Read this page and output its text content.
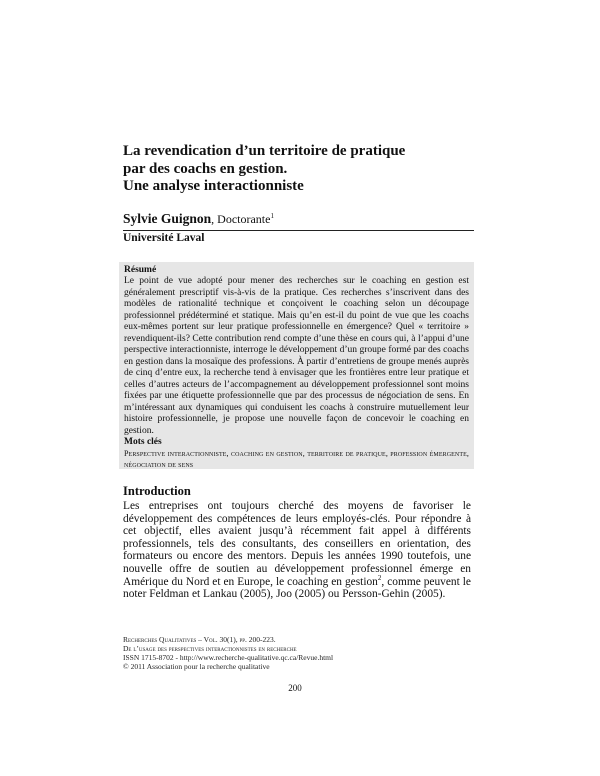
La revendication d’un territoire de pratique
par des coachs en gestion.
Une analyse interactionniste
Sylvie Guignon, Doctorante$^1$
Université Laval
Résumé

Le point de vue adopté pour mener des recherches sur le coaching en gestion est généralement prescriptif vis-à-vis de la pratique. Ces recherches s’inscrivent dans des modèles de rationalité technique et conçoivent le coaching selon un découpage professionnel prédéterminé et statique. Mais qu’en est-il du point de vue que les coachs eux-mêmes portent sur leur pratique professionnelle en émergence? Quel « territoire » revendiquent-ils? Cette contribution rend compte d’une thèse en cours qui, à l’appui d’une perspective interactionniste, interroge le développement d’un groupe formé par des coachs en gestion dans la mosaïque des professions. À partir d’entretiens de groupe menés auprès de cinq d’entre eux, la recherche tend à envisager que les frontières entre leur pratique et celles d’autres acteurs de l’accompagnement au développement professionnel sont moins fixées par une étiquette professionnelle que par des processus de négociation de sens. En m’intéressant aux dynamiques qui conduisent les coachs à construire mutuellement leur histoire professionnelle, je propose une nouvelle façon de concevoir le coaching en gestion.

Mots clés
Perspective interactionniste, coaching en gestion, territoire de pratique, profession émergente, négociation de sens
Introduction

Les entreprises ont toujours cherché des moyens de favoriser le développement des compétences de leurs employés-clés. Pour répondre à cet objectif, elles avaient jusqu’à récemment fait appel à différents professionnels, tels des consultants, des conseillers en orientation, des formateurs ou encore des mentors. Depuis les années 1990 toutefois, une nouvelle offre de soutien au développement professionnel émerge en Amérique du Nord et en Europe, le coaching en gestion$^2$, comme peuvent le noter Feldman et Lankau (2005), Joo (2005) ou Persson-Gehin (2005).

Recherches Qualitatives – Vol. 30(1), pp. 200-223.
De l’usage des perspectives interactionnistes en recherche
ISSN 1715-8702 - http://www.recherche-qualitative.qc.ca/Revue.html
© 2011 Association pour la recherche qualitative
200
